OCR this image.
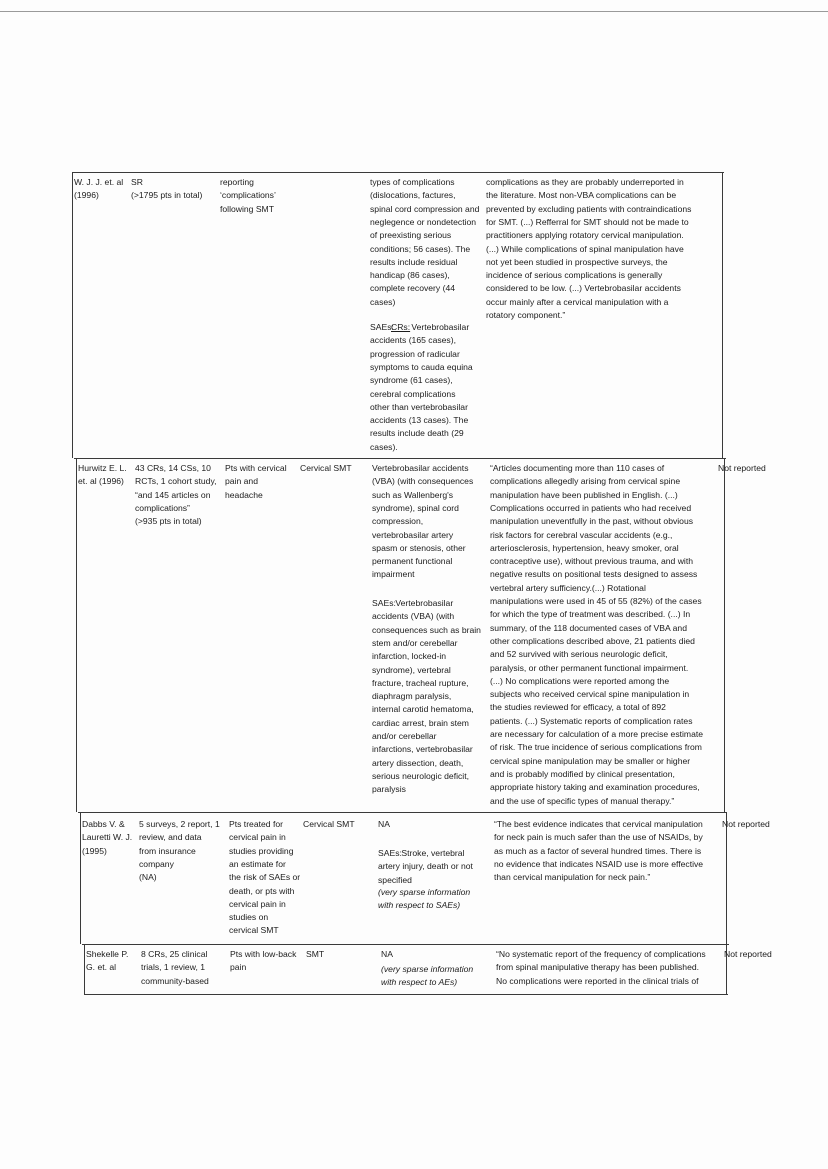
W. J. J. et. al
(1996)
SR
(>1795 pts in total)
reporting
‘complications’
following SMT
types of complications
(dislocations, factures,
spinal cord compression and
neglegence or nondetection
of preexisting serious
conditions; 56 cases). The
results include residual
handicap (86 cases),
complete recovery (44
cases)
SAEs:
CRs:
Vertebrobasilar
accidents (165 cases),
progression of radicular
symptoms to cauda equina
syndrome (61 cases),
cerebral complications
other than vertebrobasilar
accidents (13 cases). The
results include death (29
cases).
complications as they are probably underreported in
the literature. Most non-VBA complications can be
prevented by excluding patients with contraindications
for SMT. (...) Refferral for SMT should not be made to
practitioners applying rotatory cervical manipulation.
(...) While complications of spinal manipulation have
not yet been studied in prospective surveys, the
incidence of serious complications is generally
considered to be low. (...) Vertebrobasilar accidents
occur mainly after a cervical manipulation with a
rotatory component.”
Hurwitz E. L.
et. al (1996)
43 CRs, 14 CSs, 10
RCTs, 1 cohort study,
“and 145 articles on
complications”
(>935 pts in total)
Pts with cervical
pain and
headache
Cervical SMT Vertebrobasilar accidents
(VBA) (with consequences
such as Wallenberg's
syndrome), spinal cord
compression,
vertebrobasilar artery
spasm or stenosis, other
permanent functional
impairment
SAEs:
Vertebrobasilar
accidents (VBA) (with
consequences such as brain
stem and/or cerebellar
infarction, locked-in
syndrome), vertebral
fracture, tracheal rupture,
diaphragm paralysis,
internal carotid hematoma,
cardiac arrest, brain stem
and/or cerebellar
infarctions, vertebrobasilar
artery dissection, death,
serious neurologic deficit,
paralysis
“Articles documenting more than 110 cases of
complications allegedly arising from cervical spine
manipulation have been published in English. (...)
Complications occurred in patients who had received
manipulation uneventfully in the past, without obvious
risk factors for cerebral vascular accidents (e.g.,
arteriosclerosis, hypertension, heavy smoker, oral
contraceptive use), without previous trauma, and with
negative results on positional tests designed to assess
vertebral artery sufficiency.(...) Rotational
manipulations were used in 45 of 55 (82%) of the cases
for which the type of treatment was described. (...) In
summary, of the 118 documented cases of VBA and
other complications described above, 21 patients died
and 52 survived with serious neurologic deficit,
paralysis, or other permanent functional impairment.
(...) No complications were reported among the
subjects who received cervical spine manipulation in
the studies reviewed for efficacy, a total of 892
patients. (...) Systematic reports of complication rates
are necessary for calculation of a more precise estimate
of risk. The true incidence of serious complications from
cervical spine manipulation may be smaller or higher
and is probably modified by clinical presentation,
appropriate history taking and examination procedures,
and the use of specific types of manual therapy.”
Not reported
Dabbs V. &
Lauretti W. J.
(1995)
5 surveys, 2 report, 1
review, and data
from insurance
company
(NA)
Pts treated for
cervical pain in
studies providing
an estimate for
the risk of SAEs or
death, or pts with
cervical pain in
studies on
cervical SMT
Cervical SMT	NA
SAEs:
Stroke, vertebral
artery injury, death or not
specified
(very sparse information
with respect to SAEs)
“The best evidence indicates that cervical manipulation
for neck pain is much safer than the use of NSAIDs, by
as much as a factor of several hundred times. There is
no evidence that indicates NSAID use is more effective
than cervical manipulation for neck pain.”
Not reported
Shekelle P.
G. et. al
8 CRs, 25 clinical
trials, 1 review, 1
community-based
Pts with low-back
pain
SMT	NA
(very sparse information
with respect to AEs)
“No systematic report of the frequency of complications
from spinal manipulative therapy has been published.
No complications were reported in the clinical trials of
Not reported
